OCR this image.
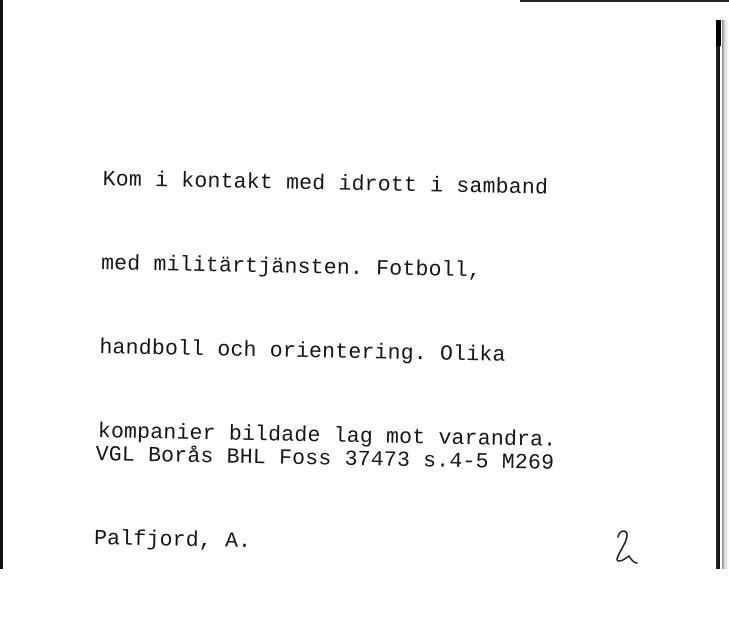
Kom i kontakt med idrott i samband

med militärtjänsten. Fotboll,

handboll och orientering. Olika

kompanier bildade lag mot varandra.

VGL Borås BHL Foss 37473 s.4-5 M269

Palfjord, A.
